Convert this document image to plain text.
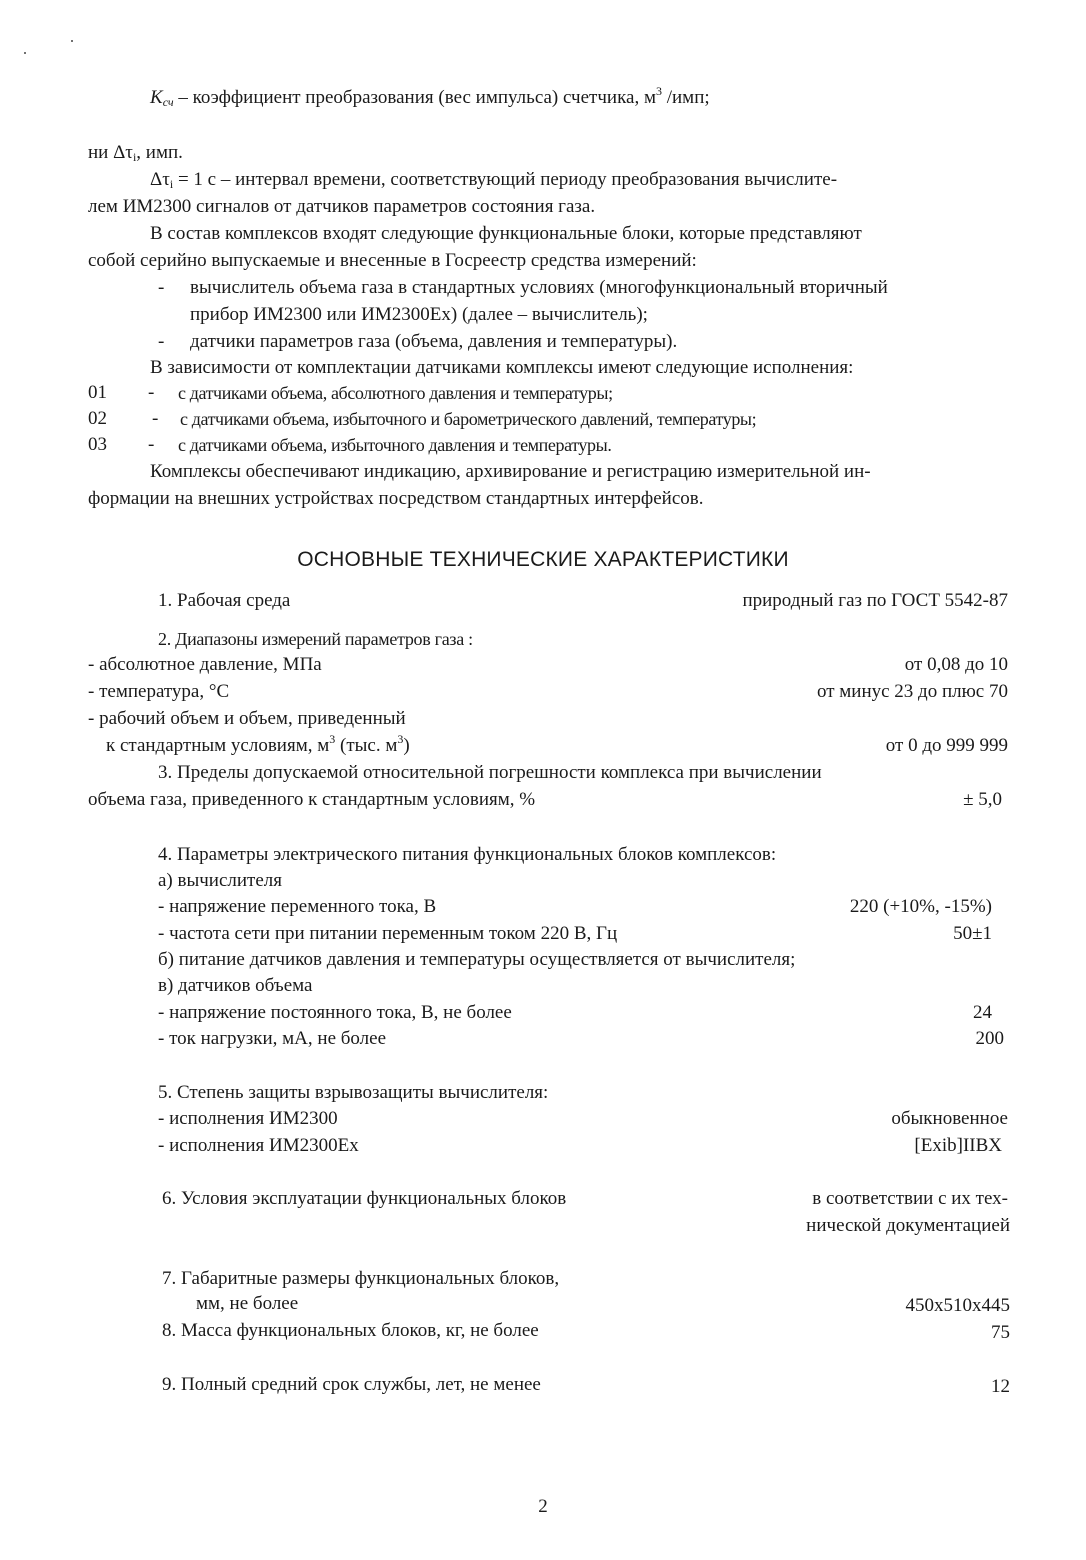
$K_{сч}$ – коэффициент преобразования (вес импульса) счетчика, $м^3$ /имп;
ни $\Delta\tau_i$, имп.
$\Delta\tau_i = 1$ с – интервал времени, соответствующий периоду преобразования вычислите-
лем ИМ2300 сигналов от датчиков параметров состояния газа.
В состав комплексов входят следующие функциональные блоки, которые представляют
собой серийно выпускаемые и внесенные в Госреестр средства измерений:
- вычислитель объема газа в стандартных условиях (многофункциональный вторичный
прибор ИМ2300 или ИМ2300Ex) (далее – вычислитель);
- датчики параметров газа (объема, давления и температуры).
В зависимости от комплектации датчиками комплексы имеют следующие исполнения:
01 - с датчиками объема, абсолютного давления и температуры;
02 - с датчиками объема, избыточного и барометрического давлений, температуры;
03 - с датчиками объема, избыточного давления и температуры.
Комплексы обеспечивают индикацию, архивирование и регистрацию измерительной ин-
формации на внешних устройствах посредством стандартных интерфейсов.
ОСНОВНЫЕ ТЕХНИЧЕСКИЕ ХАРАКТЕРИСТИКИ
1. Рабочая среда	природный газ по ГОСТ 5542-87
2. Диапазоны измерений параметров газа :
- абсолютное давление, МПа	от 0,08 до 10
- температура, °С	от минус 23 до плюс 70
- рабочий объем и объем, приведенный
к стандартным условиям, $м^3$ (тыс. $м^3$)	от 0 до 999 999
3. Пределы допускаемой относительной погрешности комплекса при вычислении
объема газа, приведенного к стандартным условиям, %	± 5,0
4. Параметры электрического питания функциональных блоков комплексов:
а) вычислителя
- напряжение переменного тока, В	220 (+10%, -15%)
- частота сети при питании переменным током 220 В, Гц	50±1
б) питание датчиков давления и температуры осуществляется от вычислителя;
в) датчиков объема
- напряжение постоянного тока, В, не более	24
- ток нагрузки, мА, не более	200
5. Степень защиты взрывозащиты вычислителя:
- исполнения ИМ2300	обыкновенное
- исполнения ИМ2300Ex	[Exib]IIBX
6. Условия эксплуатации функциональных блоков	в соответствии с их тех-
нической документацией
7. Габаритные размеры функциональных блоков,
мм, не более	450x510x445
8. Масса функциональных блоков, кг, не более	75
9. Полный средний срок службы, лет, не менее	12
2
